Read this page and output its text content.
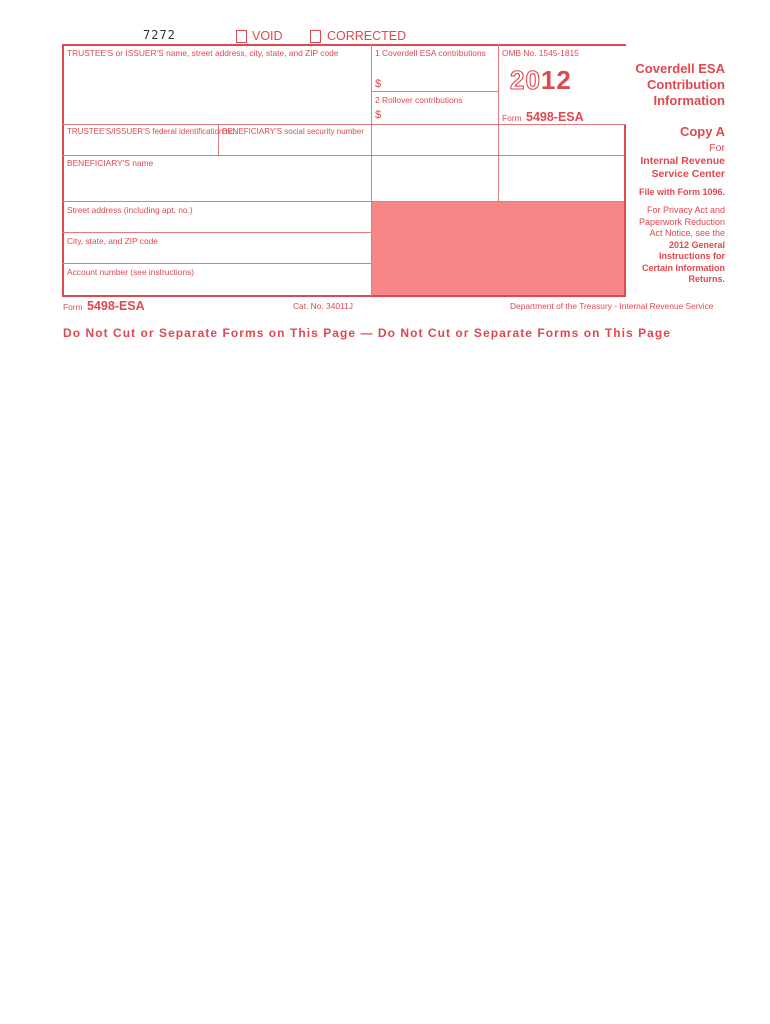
7272	VOID	CORRECTED
TRUSTEE'S or ISSUER'S name, street address, city, state, and ZIP code	1 Coverdell ESA contributions
$
OMB No. 1545-1815
2012
Form 5498-ESA
2 Rollover contributions
$
TRUSTEE'S/ISSUER'S federal identification no.
BENEFICIARY'S social security number
BENEFICIARY'S name
Street address (including apt. no.)
City, state, and ZIP code
Account number (see instructions)
Coverdell ESA
Contribution
Information
Copy A
For
Internal Revenue
Service Center
File with Form 1096.
For Privacy Act and
Paperwork Reduction
Act Notice, see the
2012 General
Instructions for
Certain Information
Returns.
Form 5498-ESA	Cat. No. 34011J	Department of the Treasury - Internal Revenue Service
Do Not Cut or Separate Forms on This Page — Do Not Cut or Separate Forms on This Page
